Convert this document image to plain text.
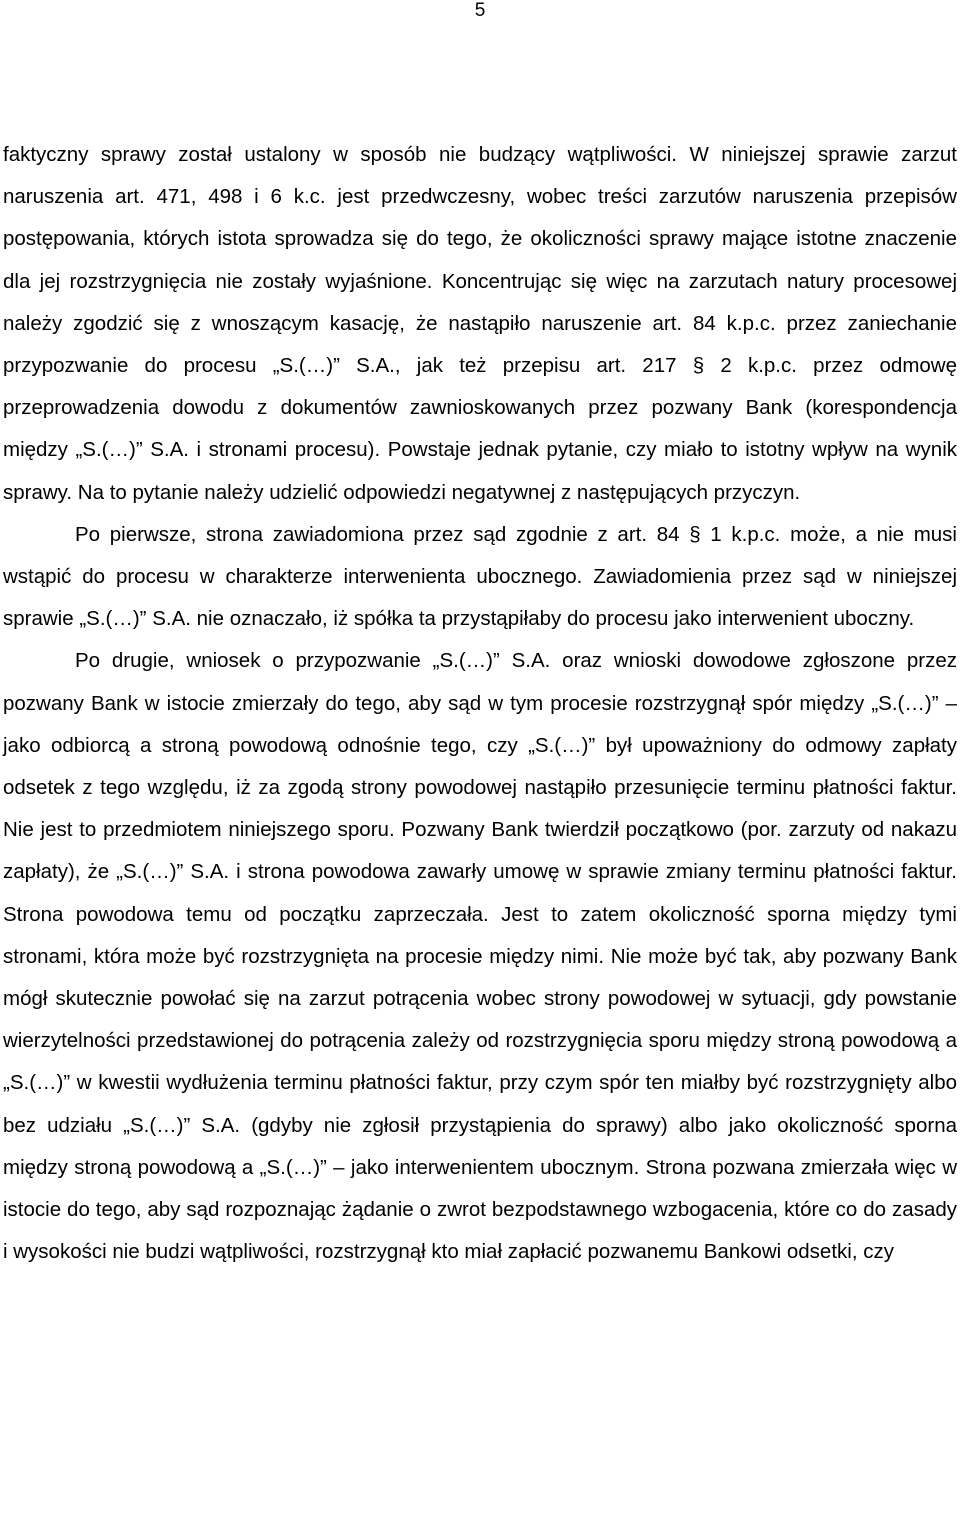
5

faktyczny sprawy został ustalony w sposób nie budzący wątpliwości. W niniejszej sprawie zarzut naruszenia art. 471, 498 i 6 k.c. jest przedwczesny, wobec treści zarzutów naruszenia przepisów postępowania, których istota sprowadza się do tego, że okoliczności sprawy mające istotne znaczenie dla jej rozstrzygnięcia nie zostały wyjaśnione. Koncentrując się więc na zarzutach natury procesowej należy zgodzić się z wnoszącym kasację, że nastąpiło naruszenie art. 84 k.p.c. przez zaniechanie przypozwanie do procesu „S.(…)” S.A., jak też przepisu art. 217 § 2 k.p.c. przez odmowę przeprowadzenia dowodu z dokumentów zawnioskowanych przez pozwany Bank (korespondencja między „S.(…)” S.A. i stronami procesu). Powstaje jednak pytanie, czy miało to istotny wpływ na wynik sprawy. Na to pytanie należy udzielić odpowiedzi negatywnej z następujących przyczyn.

Po pierwsze, strona zawiadomiona przez sąd zgodnie z art. 84 § 1 k.p.c. może, a nie musi wstąpić do procesu w charakterze interwenienta ubocznego. Zawiadomienia przez sąd w niniejszej sprawie „S.(…)” S.A. nie oznaczało, iż spółka ta przystąpiłaby do procesu jako interwenient uboczny.

Po drugie, wniosek o przypozwanie „S.(…)” S.A. oraz wnioski dowodowe zgłoszone przez pozwany Bank w istocie zmierzały do tego, aby sąd w tym procesie rozstrzygnął spór między „S.(…)” – jako odbiorcą a stroną powodową odnośnie tego, czy „S.(…)” był upoważniony do odmowy zapłaty odsetek z tego względu, iż za zgodą strony powodowej nastąpiło przesunięcie terminu płatności faktur. Nie jest to przedmiotem niniejszego sporu. Pozwany Bank twierdził początkowo (por. zarzuty od nakazu zapłaty), że „S.(…)” S.A. i strona powodowa zawarły umowę w sprawie zmiany terminu płatności faktur. Strona powodowa temu od początku zaprzeczała. Jest to zatem okoliczność sporna między tymi stronami, która może być rozstrzygnięta na procesie między nimi. Nie może być tak, aby pozwany Bank mógł skutecznie powołać się na zarzut potrącenia wobec strony powodowej w sytuacji, gdy powstanie wierzytelności przedstawionej do potrącenia zależy od rozstrzygnięcia sporu między stroną powodową a „S.(…)” w kwestii wydłużenia terminu płatności faktur, przy czym spór ten miałby być rozstrzygnięty albo bez udziału „S.(…)” S.A. (gdyby nie zgłosił przystąpienia do sprawy) albo jako okoliczność sporna między stroną powodową a „S.(…)” – jako interwenientem ubocznym. Strona pozwana zmierzała więc w istocie do tego, aby sąd rozpoznając żądanie o zwrot bezpodstawnego wzbogacenia, które co do zasady i wysokości nie budzi wątpliwości, rozstrzygnął kto miał zapłacić pozwanemu Bankowi odsetki, czy
